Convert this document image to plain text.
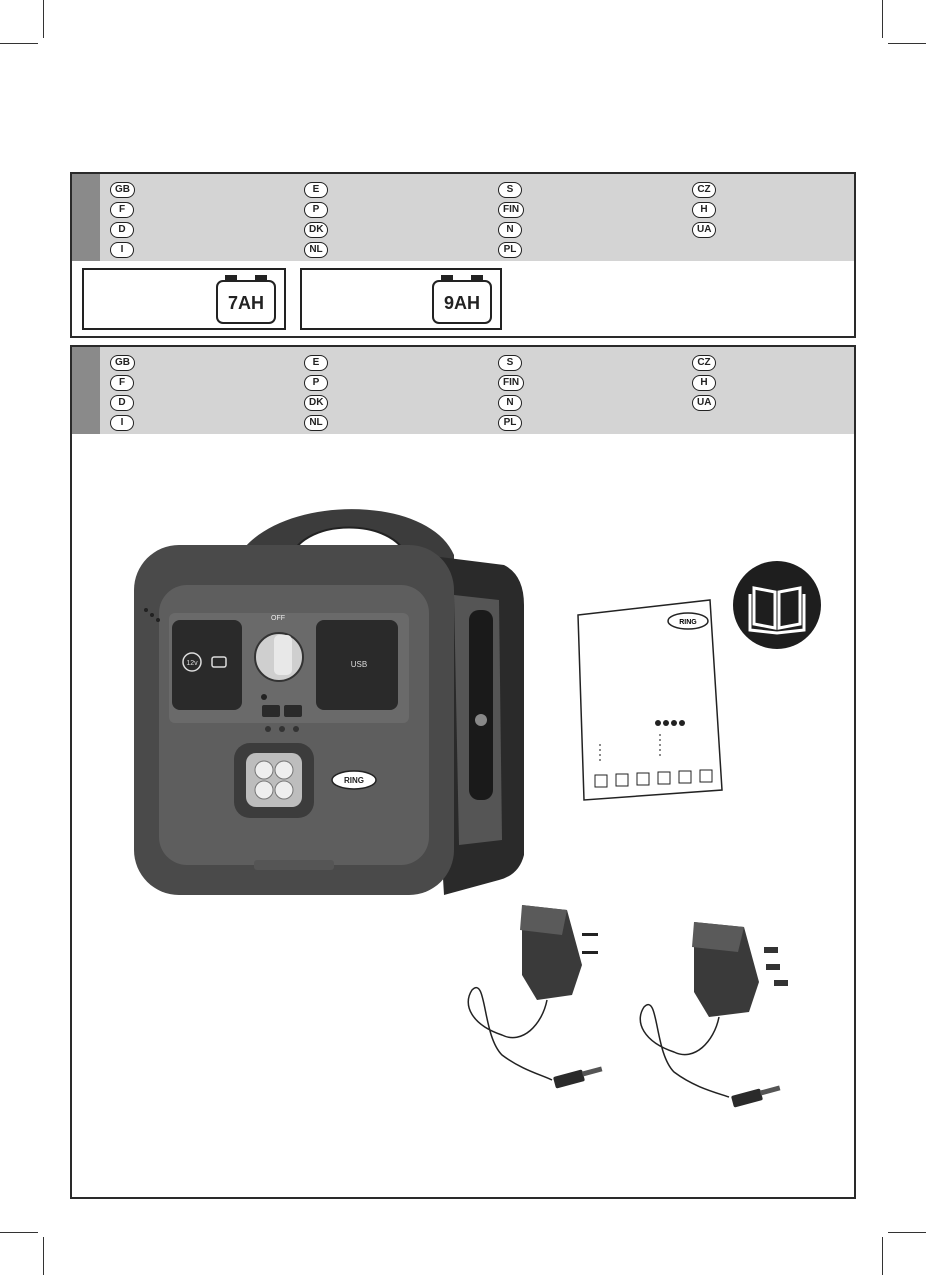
GB	E	S	CZ
F	P	FIN	H
D	DK	N	UA
I	NL	PL
7AH	9AH
GB	E	S	CZ
F	P	FIN	H
D	DK	N	UA
I	NL	PL
12v	USB
OFF
RING
RING
